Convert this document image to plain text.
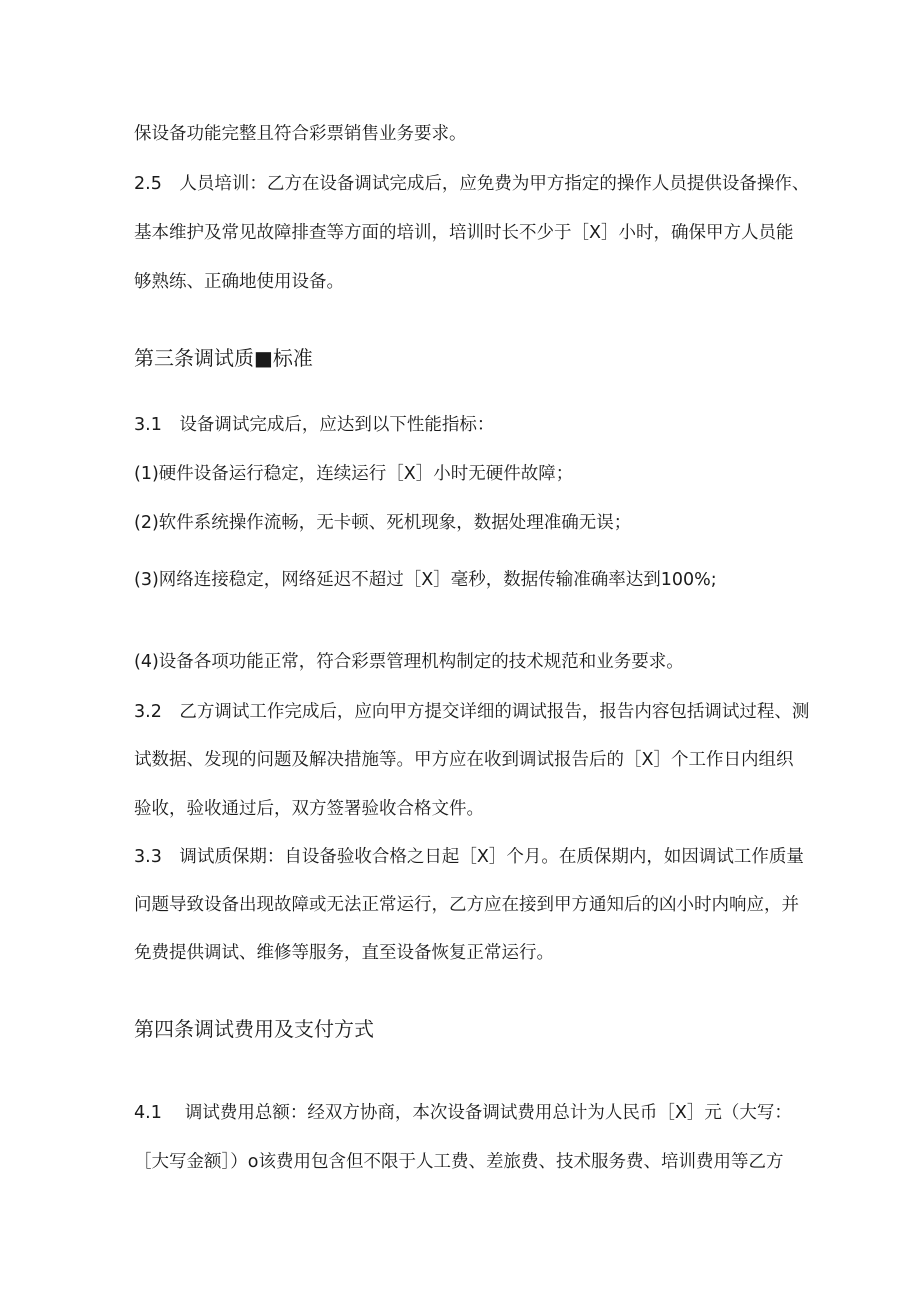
保设备功能完整且符合彩票销售业务要求。
2.5　人员培训：乙方在设备调试完成后，应免费为甲方指定的操作人员提供设备操作、
基本维护及常见故障排查等方面的培训，培训时长不少于［X］小时，确保甲方人员能
够熟练、正确地使用设备。
第三条调试质■标准
3.1　设备调试完成后，应达到以下性能指标：
(1)硬件设备运行稳定，连续运行［X］小时无硬件故障；
(2)软件系统操作流畅，无卡顿、死机现象，数据处理准确无误；
(3)网络连接稳定，网络延迟不超过［X］毫秒，数据传输准确率达到100%;
(4)设备各项功能正常，符合彩票管理机构制定的技术规范和业务要求。
3.2　乙方调试工作完成后，应向甲方提交详细的调试报告，报告内容包括调试过程、测
试数据、发现的问题及解决措施等。甲方应在收到调试报告后的［X］个工作日内组织
验收，验收通过后，双方签署验收合格文件。
3.3　调试质保期：自设备验收合格之日起［X］个月。在质保期内，如因调试工作质量
问题导致设备出现故障或无法正常运行，乙方应在接到甲方通知后的凶小时内响应，并
免费提供调试、维修等服务，直至设备恢复正常运行。
第四条调试费用及支付方式
4.1　 调试费用总额：经双方协商，本次设备调试费用总计为人民币［X］元（大写：
［大写金额］）o该费用包含但不限于人工费、差旅费、技术服务费、培训费用等乙方
